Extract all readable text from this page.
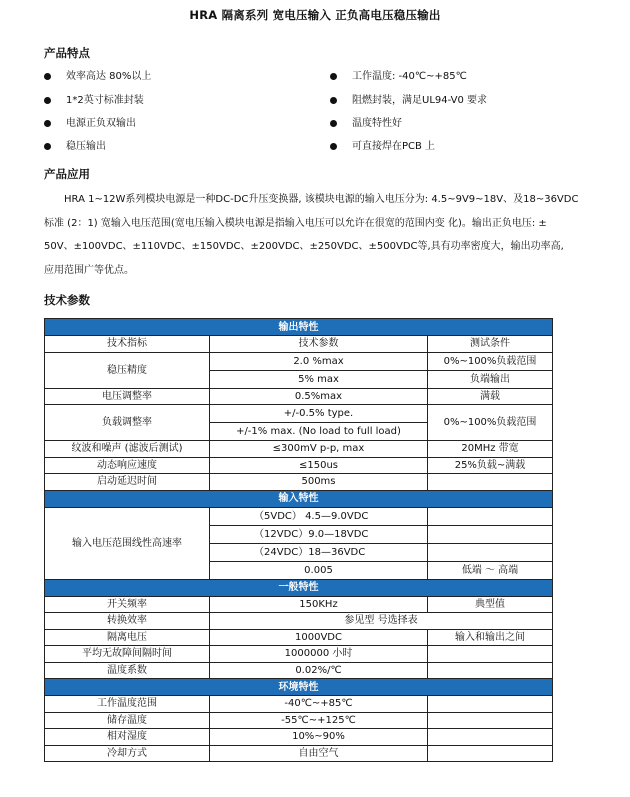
HRA 隔离系列 宽电压输入 正负高电压稳压输出
产品特点
效率高达 80%以上
1*2英寸标准封装
电源正负双输出
稳压输出
工作温度: -40℃~+85℃
阻燃封装，满足UL94-V0 要求
温度特性好
可直接焊在PCB 上
产品应用
HRA 1~12W系列模块电源是一种DC-DC升压变换器, 该模块电源的输入电压分为: 4.5~9V9~18V、及18~36VDC
标准 (2：1) 宽输入电压范围(宽电压输入模块电源是指输入电压可以允许在很宽的范围内变 化)。输出正负电压: ±
50V、±100VDC、±110VDC、±150VDC、±200VDC、±250VDC、±500VDC等,具有功率密度大，输出功率高,
应用范围广等优点。
技术参数
输出特性		
技术指标	技术参数	测试条件
稳压精度	2.0 %max	0%~100%负载范围
	5% max	负端输出
电压调整率	0.5%max	满载
负载调整率	+/-0.5% type.	0%~100%负载范围
	+/-1% max. (No load to full load)	
纹波和噪声 (滤波后测试)	≤300mV p-p, max	20MHz 带宽
动态响应速度	≤150us	25%负载~满载
启动延迟时间	500ms	
输入特性		
输入电压范围线性高速率	（5VDC） 4.5—9.0VDC	
	（12VDC）9.0—18VDC	
	（24VDC）18—36VDC	
	0.005	低端 ～ 高端
一般特性		
开关频率	150KHz	典型值
转换效率	参见型 号选择表	
隔离电压	1000VDC	输入和输出之间
平均无故障间隔时间	1000000 小时	
温度系数	0.02%/℃	
环境特性		
工作温度范围	-40℃~+85℃	
储存温度	-55℃~+125℃	
相对湿度	10%~90%	
冷却方式	自由空气	
